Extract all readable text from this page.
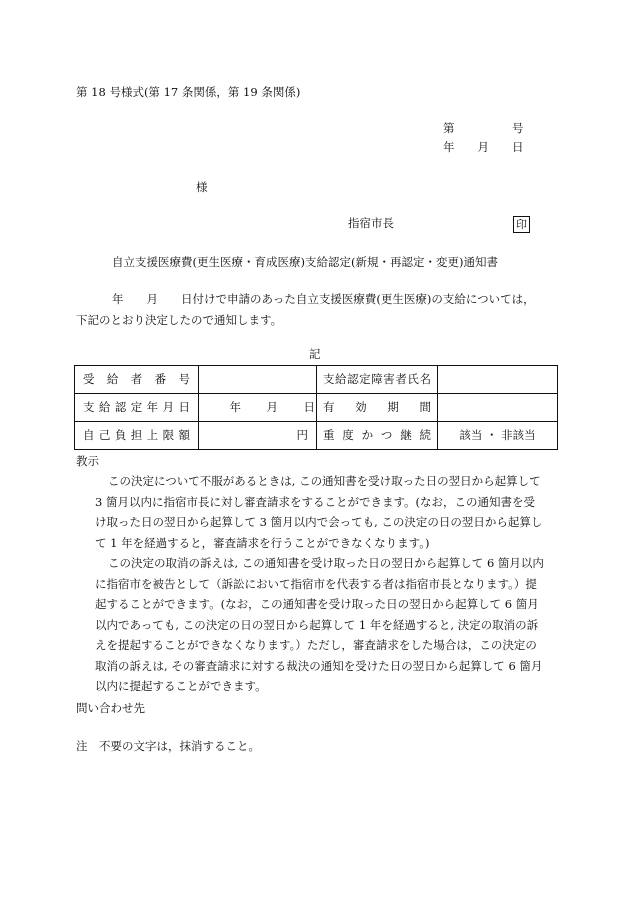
第 18 号様式(第 17 条関係，第 19 条関係)
第　　　　　号
年　　月　　日
様
指宿市長	印
自立支援医療費(更生医療・育成医療)支給認定(新規・再認定・変更)通知書
年　　月　　日付けで申請のあった自立支援医療費(更生医療)の支給については，
下記のとおり決定したので通知します。
記
受給者番号		支給認定障害者氏名	
支給認定年月日	年 月 日	有効期間	
自己負担上限額	円	重度かつ継続	該当 ・ 非該当
教示
この決定について不服があるときは, この通知書を受け取った日の翌日から起算して
3 箇月以内に指宿市長に対し審査請求をすることができます。(なお，この通知書を受
け取った日の翌日から起算して 3 箇月以内で会っても, この決定の日の翌日から起算し
て 1 年を経過すると，審査請求を行うことができなくなります。)
この決定の取消の訴えは, この通知書を受け取った日の翌日から起算して 6 箇月以内
に指宿市を被告として（訴訟において指宿市を代表する者は指宿市長となります。）提
起することができます。(なお，この通知書を受け取った日の翌日から起算して 6 箇月
以内であっても, この決定の日の翌日から起算して 1 年を経過すると, 決定の取消の訴
えを提起することができなくなります。）ただし，審査請求をした場合は，この決定の
取消の訴えは, その審査請求に対する裁決の通知を受けた日の翌日から起算して 6 箇月
以内に提起することができます。
問い合わせ先
注　不要の文字は，抹消すること。
